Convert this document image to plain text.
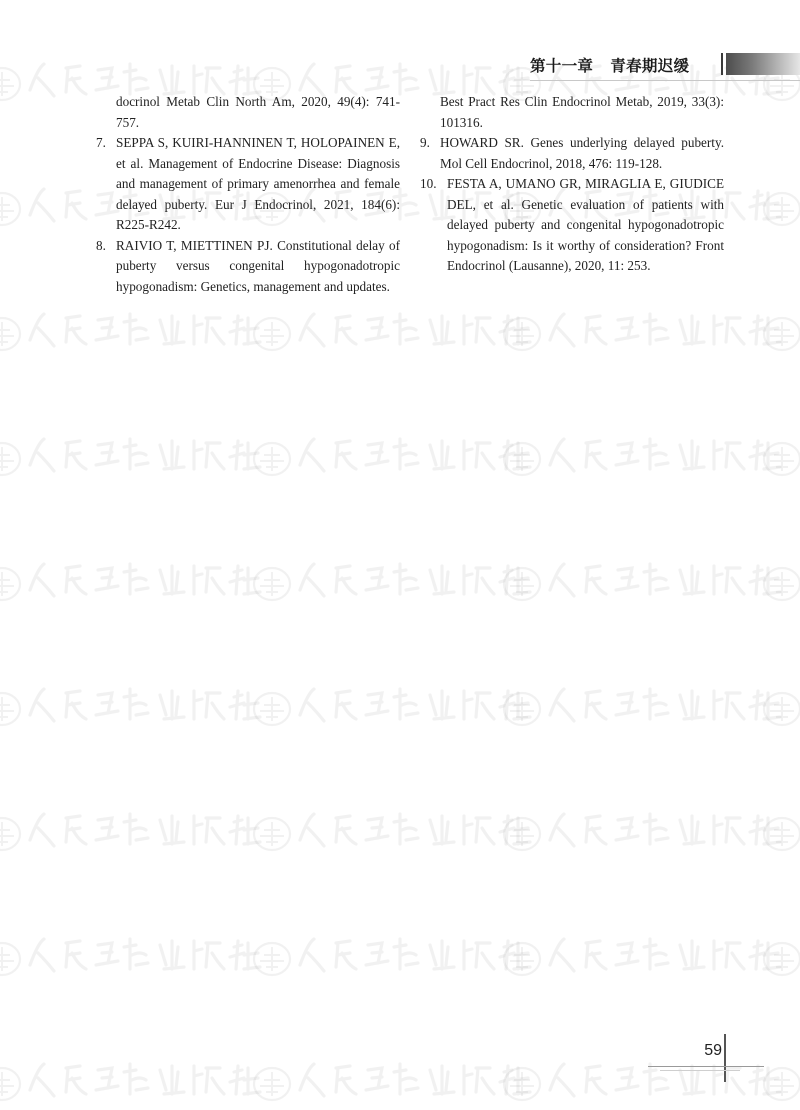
第十一章   青春期迟缓
docrinol Metab Clin North Am, 2020, 49(4): 741-757.
7. SEPPA S, KUIRI-HANNINEN T, HOLOPAINEN E, et al. Management of Endocrine Disease: Diagnosis and management of primary amenorrhea and female delayed puberty. Eur J Endocrinol, 2021, 184(6): R225-R242.
8. RAIVIO T, MIETTINEN PJ. Constitutional delay of puberty versus congenital hypogonadotropic hypogonadism: Genetics, management and updates.
Best Pract Res Clin Endocrinol Metab, 2019, 33(3): 101316.
9. HOWARD SR. Genes underlying delayed puberty. Mol Cell Endocrinol, 2018, 476: 119-128.
10. FESTA A, UMANO GR, MIRAGLIA E, GIUDICE DEL, et al. Genetic evaluation of patients with delayed puberty and congenital hypogonadotropic hypogonadism: Is it worthy of consideration? Front Endocrinol (Lausanne), 2020, 11: 253.
59
